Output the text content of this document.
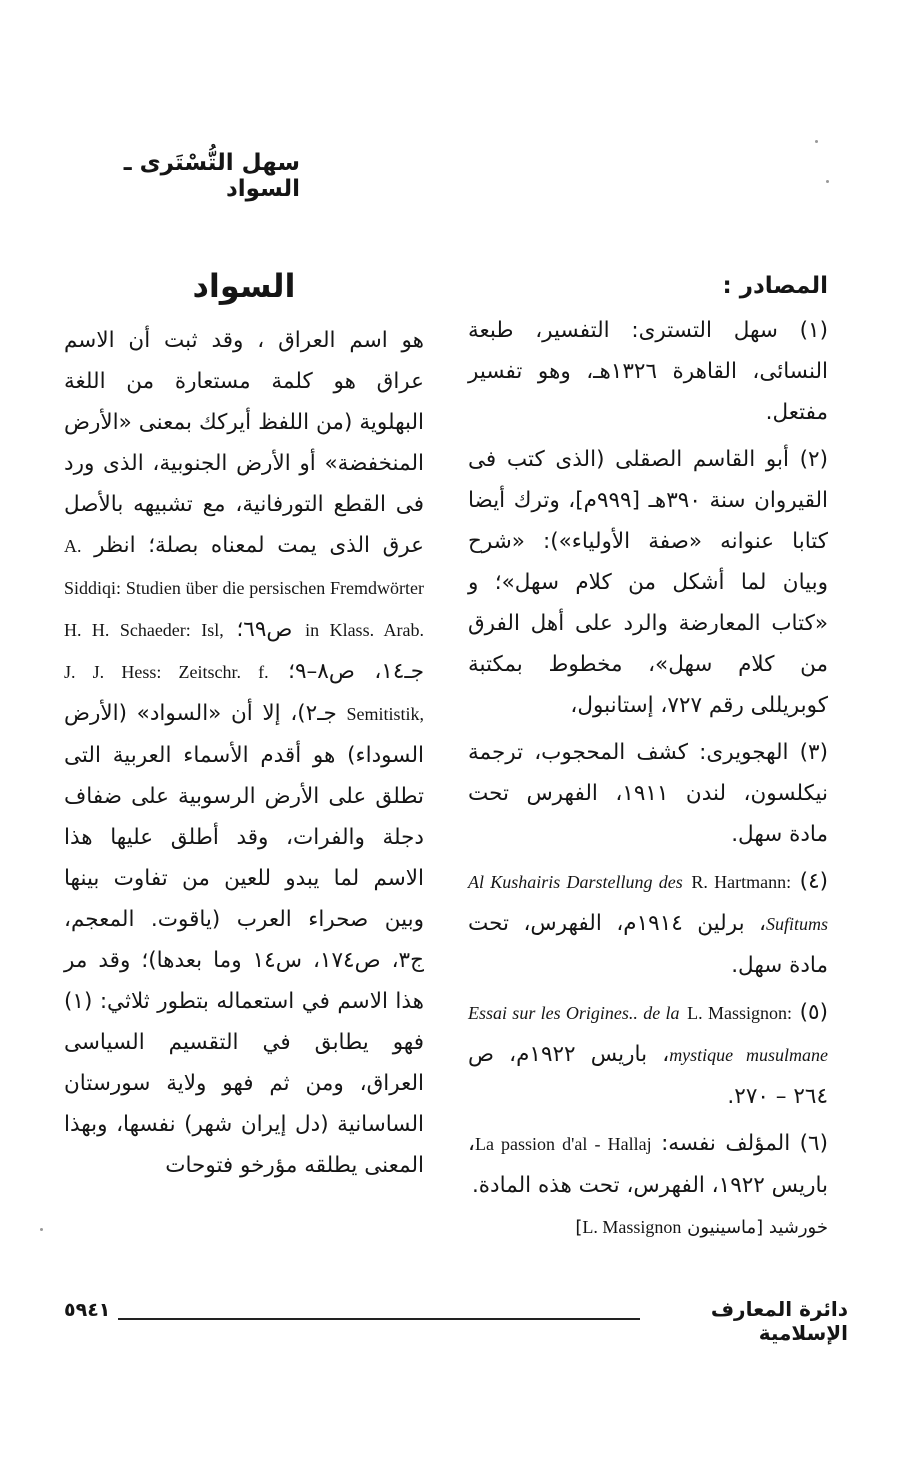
سهل التُّسْتَرى ـ السواد
المصادر :

(١) سهل التسترى: التفسير، طبعة النسائى، القاهرة ١٣٢٦هـ، وهو تفسير مفتعل.

(٢) أبو القاسم الصقلى (الذى كتب فى القيروان سنة ٣٩٠هـ [٩٩٩م]، وترك أيضا كتابا عنوانه «صفة الأولياء»): «شرح وبيان لما أشكل من كلام سهل»؛ و «كتاب المعارضة والرد على أهل الفرق من كلام سهل»، مخطوط بمكتبة كوبريللى رقم ٧٢٧، إستانبول،

(٣) الهجويرى: كشف المحجوب، ترجمة نيكلسون، لندن ١٩١١، الفهرس تحت مادة سهل.

(٤) R. Hartmann: Al Kushairis Darstellung des Sufitums، برلين ١٩١٤م، الفهرس، تحت مادة سهل.

(٥) L. Massignon: Essai sur les Origines.. de la mystique musulmane، باريس ١٩٢٢م، ص ٢٦٤ – ٢٧٠.

(٦) المؤلف نفسه: La passion d'al - Hallaj، باريس ١٩٢٢، الفهرس، تحت هذه المادة.

خورشيد [ماسينيون L. Massignon]
السواد

هو اسم العراق ، وقد ثبت أن الاسم عراق هو كلمة مستعارة من اللغة البهلوية (من اللفظ أيركك بمعنى «الأرض المنخفضة» أو الأرض الجنوبية، الذى ورد فى القطع التورفانية، مع تشبيهه بالأصل عرق الذى يمت لمعناه بصلة؛ انظر A. Siddiqi: Studien über die persischen Fremdwörter in Klass. Arab. ص٦٩؛ H. H. Schaeder: Isl, جـ١٤، ص٨–٩؛ J. J. Hess: Zeitschr. f. Semitistik, جـ٢)، إلا أن «السواد» (الأرض السوداء) هو أقدم الأسماء العربية التى تطلق على الأرض الرسوبية على ضفاف دجلة والفرات، وقد أطلق عليها هذا الاسم لما يبدو للعين من تفاوت بينها وبين صحراء العرب (ياقوت. المعجم، ج٣، ص١٧٤، س١٤ وما بعدها)؛ وقد مر هذا الاسم في استعماله بتطور ثلاثي: (١) فهو يطابق في التقسيم السياسى العراق، ومن ثم فهو ولاية سورستان الساسانية (دل إيران شهر) نفسها، وبهذا المعنى يطلقه مؤرخو فتوحات

٥٩٤١	دائرة المعارف الإسلامية
